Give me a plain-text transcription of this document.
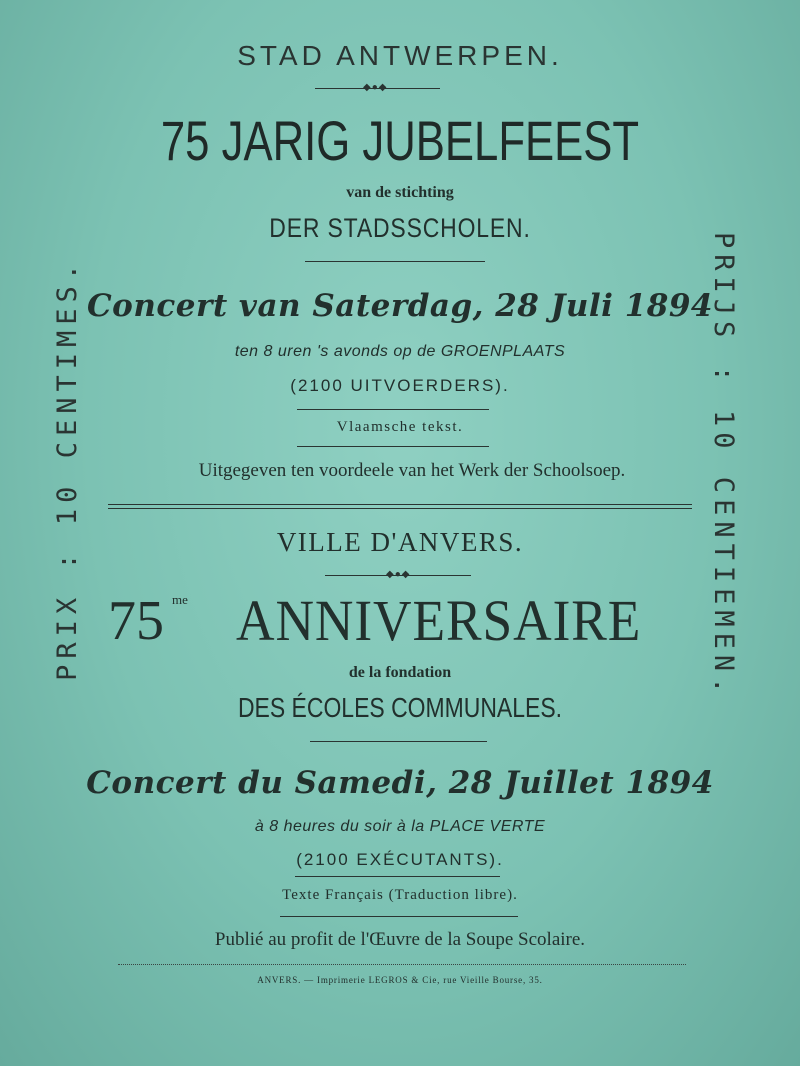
PRIX : 10 CENTIMES.	PRIJS : 10 CENTIEMEN.
STAD ANTWERPEN.
◆●◆
75 JARIG JUBELFEEST
van de stichting
DER STADSSCHOLEN.
Concert van Saterdag, 28 Juli 1894
ten 8 uren 's avonds op de GROENPLAATS
(2100 UITVOERDERS).
Vlaamsche tekst.
Uitgegeven ten voordeele van het Werk der Schoolsoep.
VILLE D'ANVERS.
◆●◆
75 me ANNIVERSAIRE
de la fondation
DES ÉCOLES COMMUNALES.
Concert du Samedi, 28 Juillet 1894
à 8 heures du soir à la PLACE VERTE
(2100 EXÉCUTANTS).
Texte Français (Traduction libre).
Publié au profit de l'Œuvre de la Soupe Scolaire.
ANVERS. — Imprimerie LEGROS & Cie, rue Vieille Bourse, 35.
